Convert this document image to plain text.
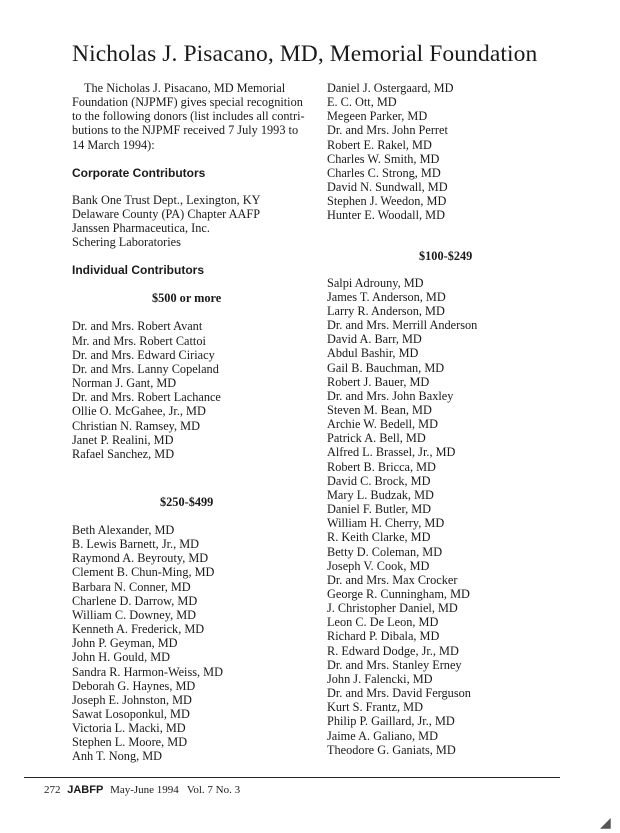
Nicholas J. Pisacano, MD, Memorial Foundation
The Nicholas J. Pisacano, MD Memorial
Foundation (NJPMF) gives special recognition
to the following donors (list includes all contri-
butions to the NJPMF received 7 July 1993 to
14 March 1994):
Corporate Contributors
Bank One Trust Dept., Lexington, KY
Delaware County (PA) Chapter AAFP
Janssen Pharmaceutica, Inc.
Schering Laboratories
Individual Contributors
$500 or more
Dr. and Mrs. Robert Avant
Mr. and Mrs. Robert Cattoi
Dr. and Mrs. Edward Ciriacy
Dr. and Mrs. Lanny Copeland
Norman J. Gant, MD
Dr. and Mrs. Robert Lachance
Ollie O. McGahee, Jr., MD
Christian N. Ramsey, MD
Janet P. Realini, MD
Rafael Sanchez, MD
$250-$499
Beth Alexander, MD
B. Lewis Barnett, Jr., MD
Raymond A. Beyrouty, MD
Clement B. Chun-Ming, MD
Barbara N. Conner, MD
Charlene D. Darrow, MD
William C. Downey, MD
Kenneth A. Frederick, MD
John P. Geyman, MD
John H. Gould, MD
Sandra R. Harmon-Weiss, MD
Deborah G. Haynes, MD
Joseph E. Johnston, MD
Sawat Losoponkul, MD
Victoria L. Macki, MD
Stephen L. Moore, MD
Anh T. Nong, MD
Daniel J. Ostergaard, MD
E. C. Ott, MD
Megeen Parker, MD
Dr. and Mrs. John Perret
Robert E. Rakel, MD
Charles W. Smith, MD
Charles C. Strong, MD
David N. Sundwall, MD
Stephen J. Weedon, MD
Hunter E. Woodall, MD
$100-$249
Salpi Adrouny, MD
James T. Anderson, MD
Larry R. Anderson, MD
Dr. and Mrs. Merrill Anderson
David A. Barr, MD
Abdul Bashir, MD
Gail B. Bauchman, MD
Robert J. Bauer, MD
Dr. and Mrs. John Baxley
Steven M. Bean, MD
Archie W. Bedell, MD
Patrick A. Bell, MD
Alfred L. Brassel, Jr., MD
Robert B. Bricca, MD
David C. Brock, MD
Mary L. Budzak, MD
Daniel F. Butler, MD
William H. Cherry, MD
R. Keith Clarke, MD
Betty D. Coleman, MD
Joseph V. Cook, MD
Dr. and Mrs. Max Crocker
George R. Cunningham, MD
J. Christopher Daniel, MD
Leon C. De Leon, MD
Richard P. Dibala, MD
R. Edward Dodge, Jr., MD
Dr. and Mrs. Stanley Erney
John J. Falencki, MD
Dr. and Mrs. David Ferguson
Kurt S. Frantz, MD
Philip P. Gaillard, Jr., MD
Jaime A. Galiano, MD
Theodore G. Ganiats, MD
272 JABFP May-June 1994   Vol. 7 No. 3
◢
